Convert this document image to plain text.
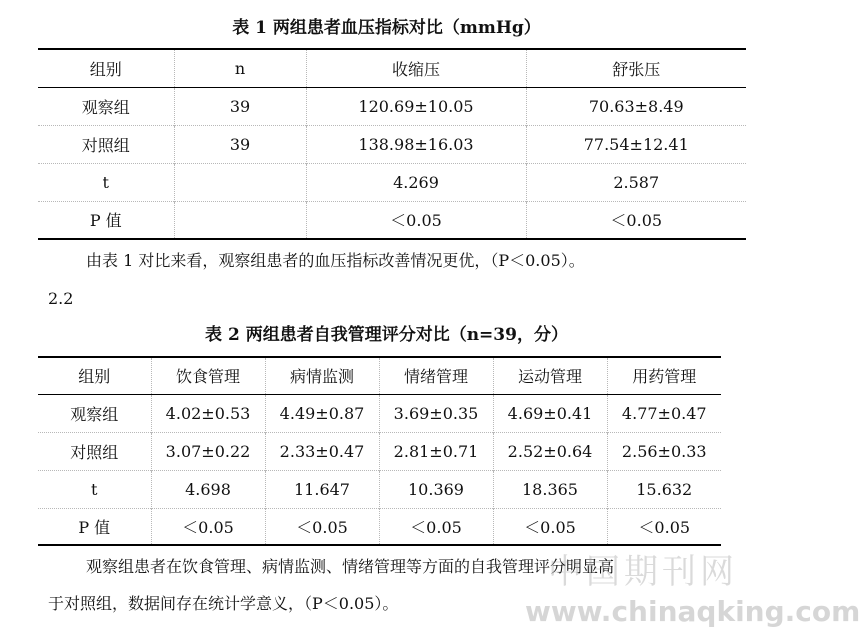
表 1 两组患者血压指标对比（mmHg）
组别	n	收缩压	舒张压
观察组	39	120.69±10.05	70.63±8.49
对照组	39	138.98±16.03	77.54±12.41
t		4.269	2.587
P 值		＜0.05	＜0.05
由表 1 对比来看，观察组患者的血压指标改善情况更优，（P＜0.05）。
2.2
表 2 两组患者自我管理评分对比（n=39，分）
组别	饮食管理	病情监测	情绪管理	运动管理	用药管理
观察组	4.02±0.53	4.49±0.87	3.69±0.35	4.69±0.41	4.77±0.47
对照组	3.07±0.22	2.33±0.47	2.81±0.71	2.52±0.64	2.56±0.33
t	4.698	11.647	10.369	18.365	15.632
P 值	＜0.05	＜0.05	＜0.05	＜0.05	＜0.05
观察组患者在饮食管理、病情监测、情绪管理等方面的自我管理评分明显高
于对照组，数据间存在统计学意义，（P＜0.05）。
中国期刊网
www.chinaqking.com
